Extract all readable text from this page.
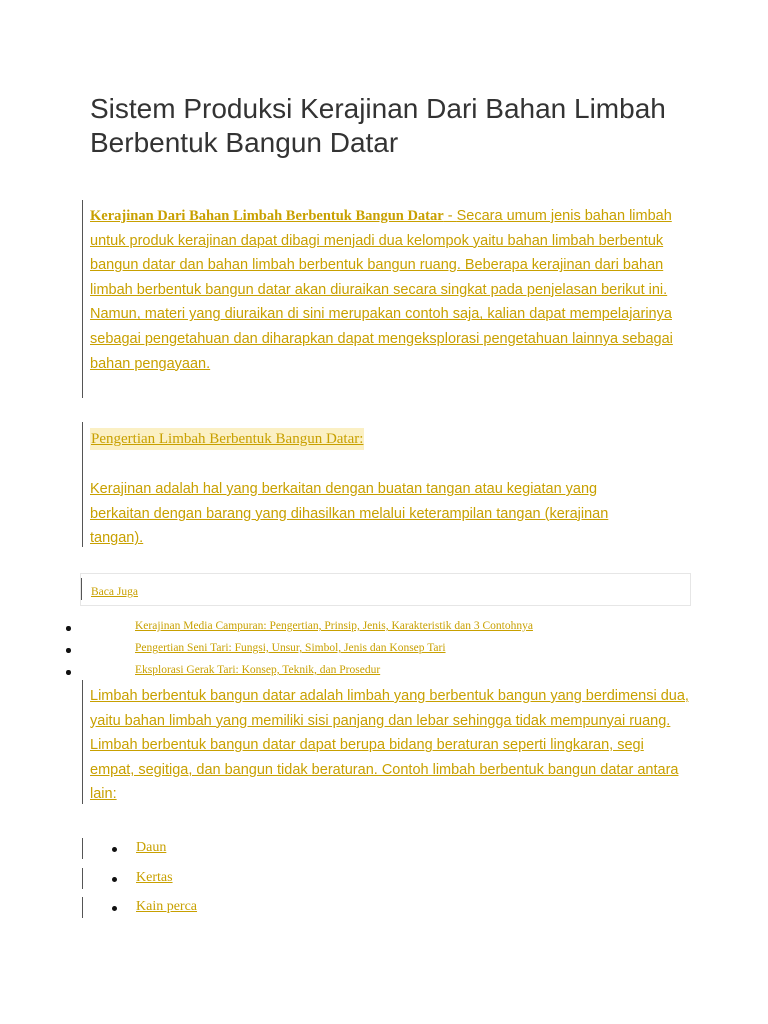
Sistem Produksi Kerajinan Dari Bahan Limbah Berbentuk Bangun Datar

Kerajinan Dari Bahan Limbah Berbentuk Bangun Datar - Secara umum jenis bahan limbah untuk produk kerajinan dapat dibagi menjadi dua kelompok yaitu bahan limbah berbentuk bangun datar dan bahan limbah berbentuk bangun ruang. Beberapa kerajinan dari bahan limbah berbentuk bangun datar akan diuraikan secara singkat pada penjelasan berikut ini. Namun, materi yang diuraikan di sini merupakan contoh saja, kalian dapat mempelajarinya sebagai pengetahuan dan diharapkan dapat mengeksplorasi pengetahuan lainnya sebagai bahan pengayaan.

Pengertian Limbah Berbentuk Bangun Datar:

Kerajinan adalah hal yang berkaitan dengan buatan tangan atau kegiatan yang berkaitan dengan barang yang dihasilkan melalui keterampilan tangan (kerajinan tangan).

Baca Juga
Kerajinan Media Campuran: Pengertian, Prinsip, Jenis, Karakteristik dan 3 Contohnya
Pengertian Seni Tari: Fungsi, Unsur, Simbol, Jenis dan Konsep Tari
Eksplorasi Gerak Tari: Konsep, Teknik, dan Prosedur

Limbah berbentuk bangun datar adalah limbah yang berbentuk bangun yang berdimensi dua, yaitu bahan limbah yang memiliki sisi panjang dan lebar sehingga tidak mempunyai ruang. Limbah berbentuk bangun datar dapat berupa bidang beraturan seperti lingkaran, segi empat, segitiga, dan bangun tidak beraturan. Contoh limbah berbentuk bangun datar antara lain:

Daun
Kertas
Kain perca
